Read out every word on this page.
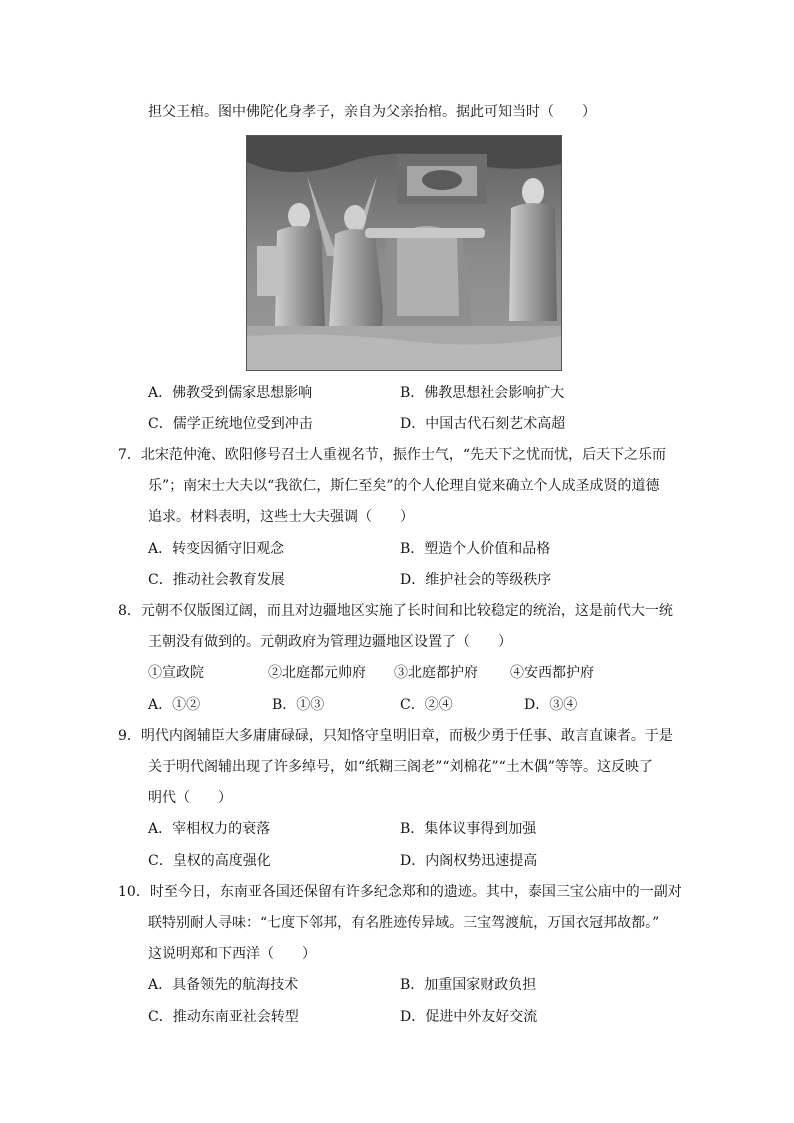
担父王棺。图中佛陀化身孝子，亲自为父亲抬棺。据此可知当时（　　）
A．佛教受到儒家思想影响	B．佛教思想社会影响扩大
C．儒学正统地位受到冲击	D．中国古代石刻艺术高超
7．北宋范仲淹、欧阳修号召士人重视名节，振作士气，“先天下之忧而忧，后天下之乐而
乐”；南宋士大夫以“我欲仁，斯仁至矣”的个人伦理自觉来确立个人成圣成贤的道德
追求。材料表明，这些士大夫强调（　　）
A．转变因循守旧观念	B．塑造个人价值和品格
C．推动社会教育发展	D．维护社会的等级秩序
8．元朝不仅版图辽阔，而且对边疆地区实施了长时间和比较稳定的统治，这是前代大一统
王朝没有做到的。元朝政府为管理边疆地区设置了（　　）
①宣政院	②北庭都元帅府 ③北庭都护府 ④安西都护府
A．①②	B．①③	C．②④	D．③④
9．明代内阁辅臣大多庸庸碌碌，只知恪守皇明旧章，而极少勇于任事、敢言直谏者。于是
关于明代阁辅出现了许多绰号，如“纸糊三阁老”“刘棉花”“土木偶”等等。这反映了
明代（　　）
A．宰相权力的衰落	B．集体议事得到加强
C．皇权的高度强化	D．内阁权势迅速提高
10．时至今日，东南亚各国还保留有许多纪念郑和的遗迹。其中，泰国三宝公庙中的一副对
联特别耐人寻味：“七度下邻邦，有名胜迹传异域。三宝驾渡航，万国衣冠邦故都。”
这说明郑和下西洋（　　）
A．具备领先的航海技术	B．加重国家财政负担
C．推动东南亚社会转型	D．促进中外友好交流
